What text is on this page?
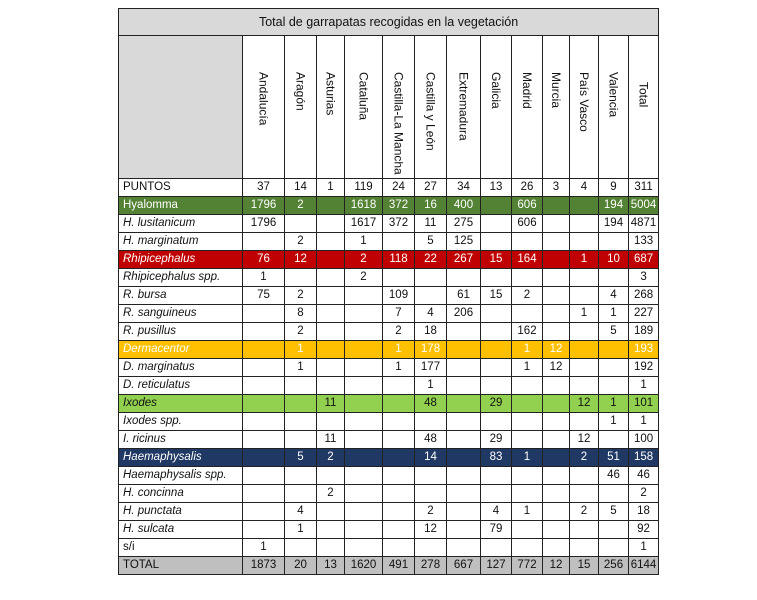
Total de garrapatas recogidas en la vegetación													
	Andalucía	Aragón	Asturias	Cataluña	Castilla-La Mancha	Castilla y León	Extremadura	Galicia	Madrid	Murcia	País Vasco	Valencia	Total
PUNTOS	37	14	1	119	24	27	34	13	26	3	4	9	311
Hyalomma	1796	2		1618	372	16	400		606			194	5004
H. lusitanicum	1796			1617	372	11	275		606			194	4871
H. marginatum		2		1		5	125						133
Rhipicephalus	76	12		2	118	22	267	15	164		1	10	687
Rhipicephalus spp.	1			2									3
R. bursa	75	2			109		61	15	2			4	268
R. sanguineus		8			7	4	206				1	1	227
R. pusillus		2			2	18			162			5	189
Dermacentor		1			1	178			1	12			193
D. marginatus		1			1	177			1	12			192
D. reticulatus						1							1
Ixodes			11			48		29			12	1	101
Ixodes spp.												1	1
I. ricinus			11			48		29			12		100
Haemaphysalis		5	2			14		83	1		2	51	158
Haemaphysalis spp.												46	46
H. concinna			2										2
H. punctata		4				2		4	1		2	5	18
H. sulcata		1				12		79					92
s/i	1												1
TOTAL	1873	20	13	1620	491	278	667	127	772	12	15	256	6144
